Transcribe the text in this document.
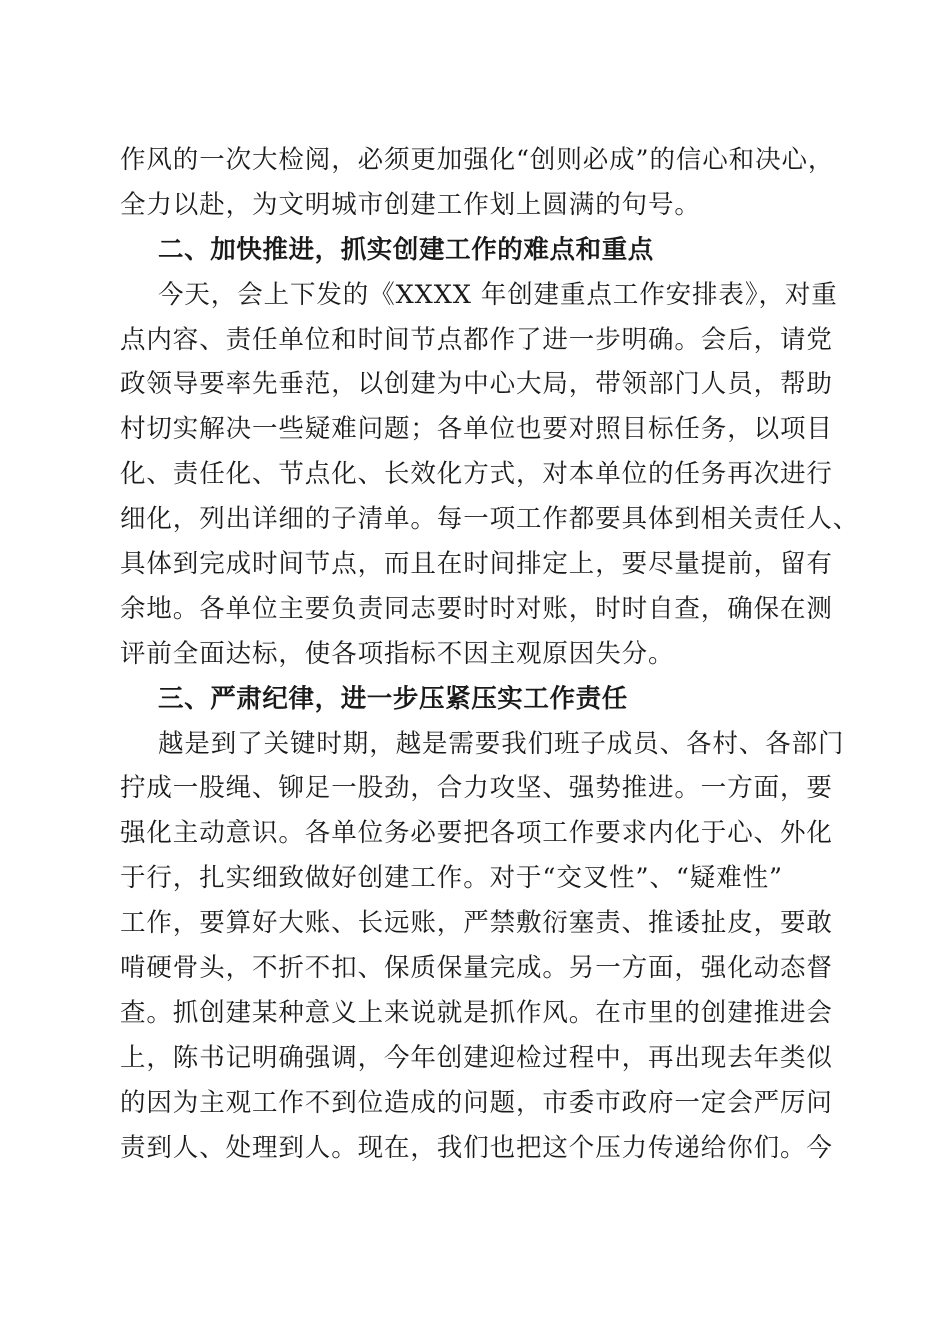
作风的一次大检阅，必须更加强化“创则必成”的信心和决心，
全力以赴，为文明城市创建工作划上圆满的句号。
二、加快推进，抓实创建工作的难点和重点
今天，会上下发的《XXXX 年创建重点工作安排表》，对重
点内容、责任单位和时间节点都作了进一步明确。会后，请党
政领导要率先垂范，以创建为中心大局，带领部门人员，帮助
村切实解决一些疑难问题；各单位也要对照目标任务，以项目
化、责任化、节点化、长效化方式，对本单位的任务再次进行
细化，列出详细的子清单。每一项工作都要具体到相关责任人、
具体到完成时间节点，而且在时间排定上，要尽量提前，留有
余地。各单位主要负责同志要时时对账，时时自查，确保在测
评前全面达标，使各项指标不因主观原因失分。
三、严肃纪律，进一步压紧压实工作责任
越是到了关键时期，越是需要我们班子成员、各村、各部门
拧成一股绳、铆足一股劲，合力攻坚、强势推进。一方面，要
强化主动意识。各单位务必要把各项工作要求内化于心、外化
于行，扎实细致做好创建工作。对于“交叉性”、“疑难性”
工作，要算好大账、长远账，严禁敷衍塞责、推诿扯皮，要敢
啃硬骨头，不折不扣、保质保量完成。另一方面，强化动态督
查。抓创建某种意义上来说就是抓作风。在市里的创建推进会
上，陈书记明确强调，今年创建迎检过程中，再出现去年类似
的因为主观工作不到位造成的问题，市委市政府一定会严厉问
责到人、处理到人。现在，我们也把这个压力传递给你们。今
